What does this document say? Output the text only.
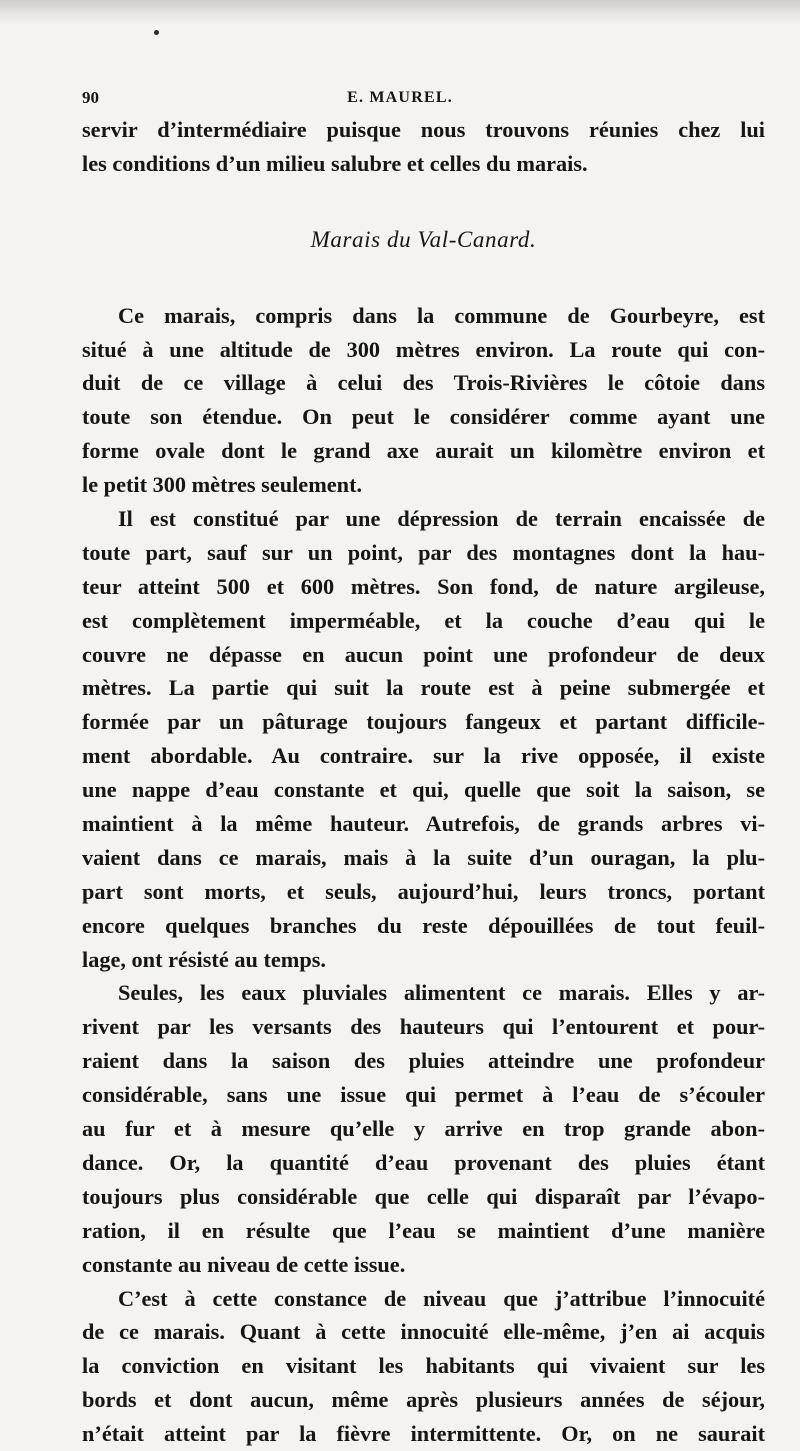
90	E. MAUREL.
servir d’intermédiaire puisque nous trouvons réunies chez lui
les conditions d’un milieu salubre et celles du marais.
Marais du Val-Canard.
Ce marais, compris dans la commune de Gourbeyre, est
situé à une altitude de 300 mètres environ. La route qui con-
duit de ce village à celui des Trois-Rivières le côtoie dans
toute son étendue. On peut le considérer comme ayant une
forme ovale dont le grand axe aurait un kilomètre environ et
le petit 300 mètres seulement.
Il est constitué par une dépression de terrain encaissée de
toute part, sauf sur un point, par des montagnes dont la hau-
teur atteint 500 et 600 mètres. Son fond, de nature argileuse,
est complètement imperméable, et la couche d’eau qui le
couvre ne dépasse en aucun point une profondeur de deux
mètres. La partie qui suit la route est à peine submergée et
formée par un pâturage toujours fangeux et partant difficile-
ment abordable. Au contraire. sur la rive opposée, il existe
une nappe d’eau constante et qui, quelle que soit la saison, se
maintient à la même hauteur. Autrefois, de grands arbres vi-
vaient dans ce marais, mais à la suite d’un ouragan, la plu-
part sont morts, et seuls, aujourd’hui, leurs troncs, portant
encore quelques branches du reste dépouillées de tout feuil-
lage, ont résisté au temps.
Seules, les eaux pluviales alimentent ce marais. Elles y ar-
rivent par les versants des hauteurs qui l’entourent et pour-
raient dans la saison des pluies atteindre une profondeur
considérable, sans une issue qui permet à l’eau de s’écouler
au fur et à mesure qu’elle y arrive en trop grande abon-
dance. Or, la quantité d’eau provenant des pluies étant
toujours plus considérable que celle qui disparaît par l’évapo-
ration, il en résulte que l’eau se maintient d’une manière
constante au niveau de cette issue.
C’est à cette constance de niveau que j’attribue l’innocuité
de ce marais. Quant à cette innocuité elle-même, j’en ai acquis
la conviction en visitant les habitants qui vivaient sur les
bords et dont aucun, même après plusieurs années de séjour,
n’était atteint par la fièvre intermittente. Or, on ne saurait
